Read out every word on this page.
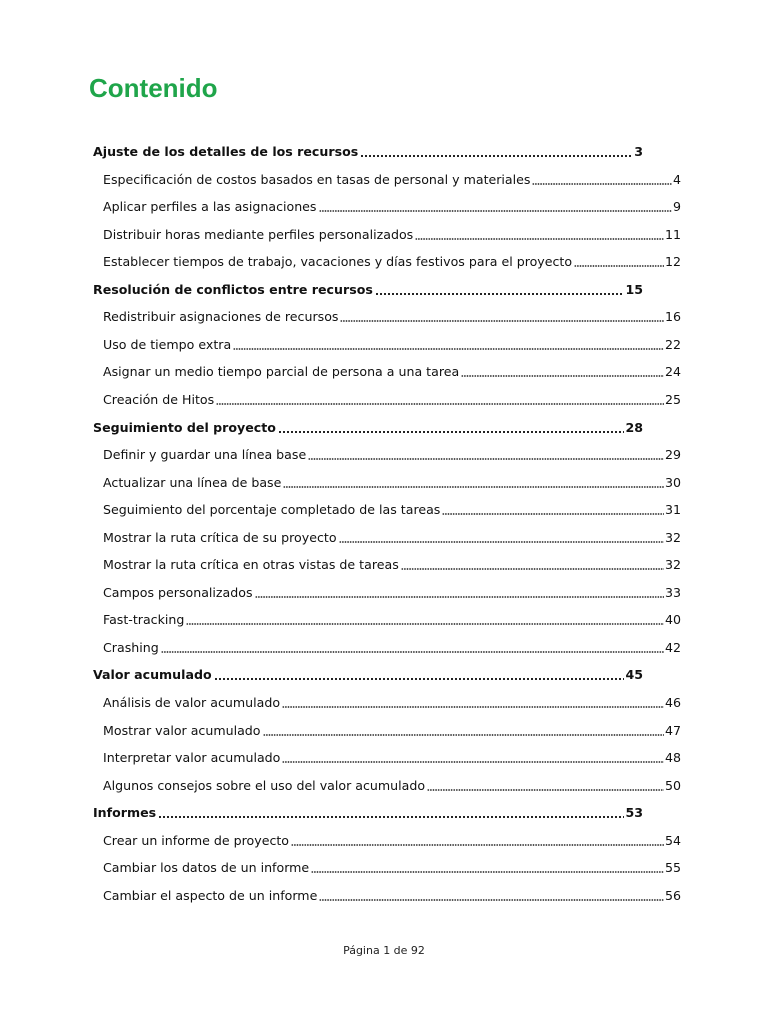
Contenido
Ajuste de los detalles de los recursos	3
Especificación de costos basados en tasas de personal y materiales	4
Aplicar perfiles a las asignaciones	9
Distribuir horas mediante perfiles personalizados	11
Establecer tiempos de trabajo, vacaciones y días festivos para el proyecto	12
Resolución de conflictos entre recursos	15
Redistribuir asignaciones de recursos	16
Uso de tiempo extra	22
Asignar un medio tiempo parcial de persona a una tarea	24
Creación de Hitos	25
Seguimiento del proyecto	28
Definir y guardar una línea base	29
Actualizar una línea de base	30
Seguimiento del porcentaje completado de las tareas	31
Mostrar la ruta crítica de su proyecto	32
Mostrar la ruta crítica en otras vistas de tareas	32
Campos personalizados	33
Fast-tracking	40
Crashing	42
Valor acumulado	45
Análisis de valor acumulado	46
Mostrar valor acumulado	47
Interpretar valor acumulado	48
Algunos consejos sobre el uso del valor acumulado	50
Informes	53
Crear un informe de proyecto	54
Cambiar los datos de un informe	55
Cambiar el aspecto de un informe	56
Página 1 de 92
